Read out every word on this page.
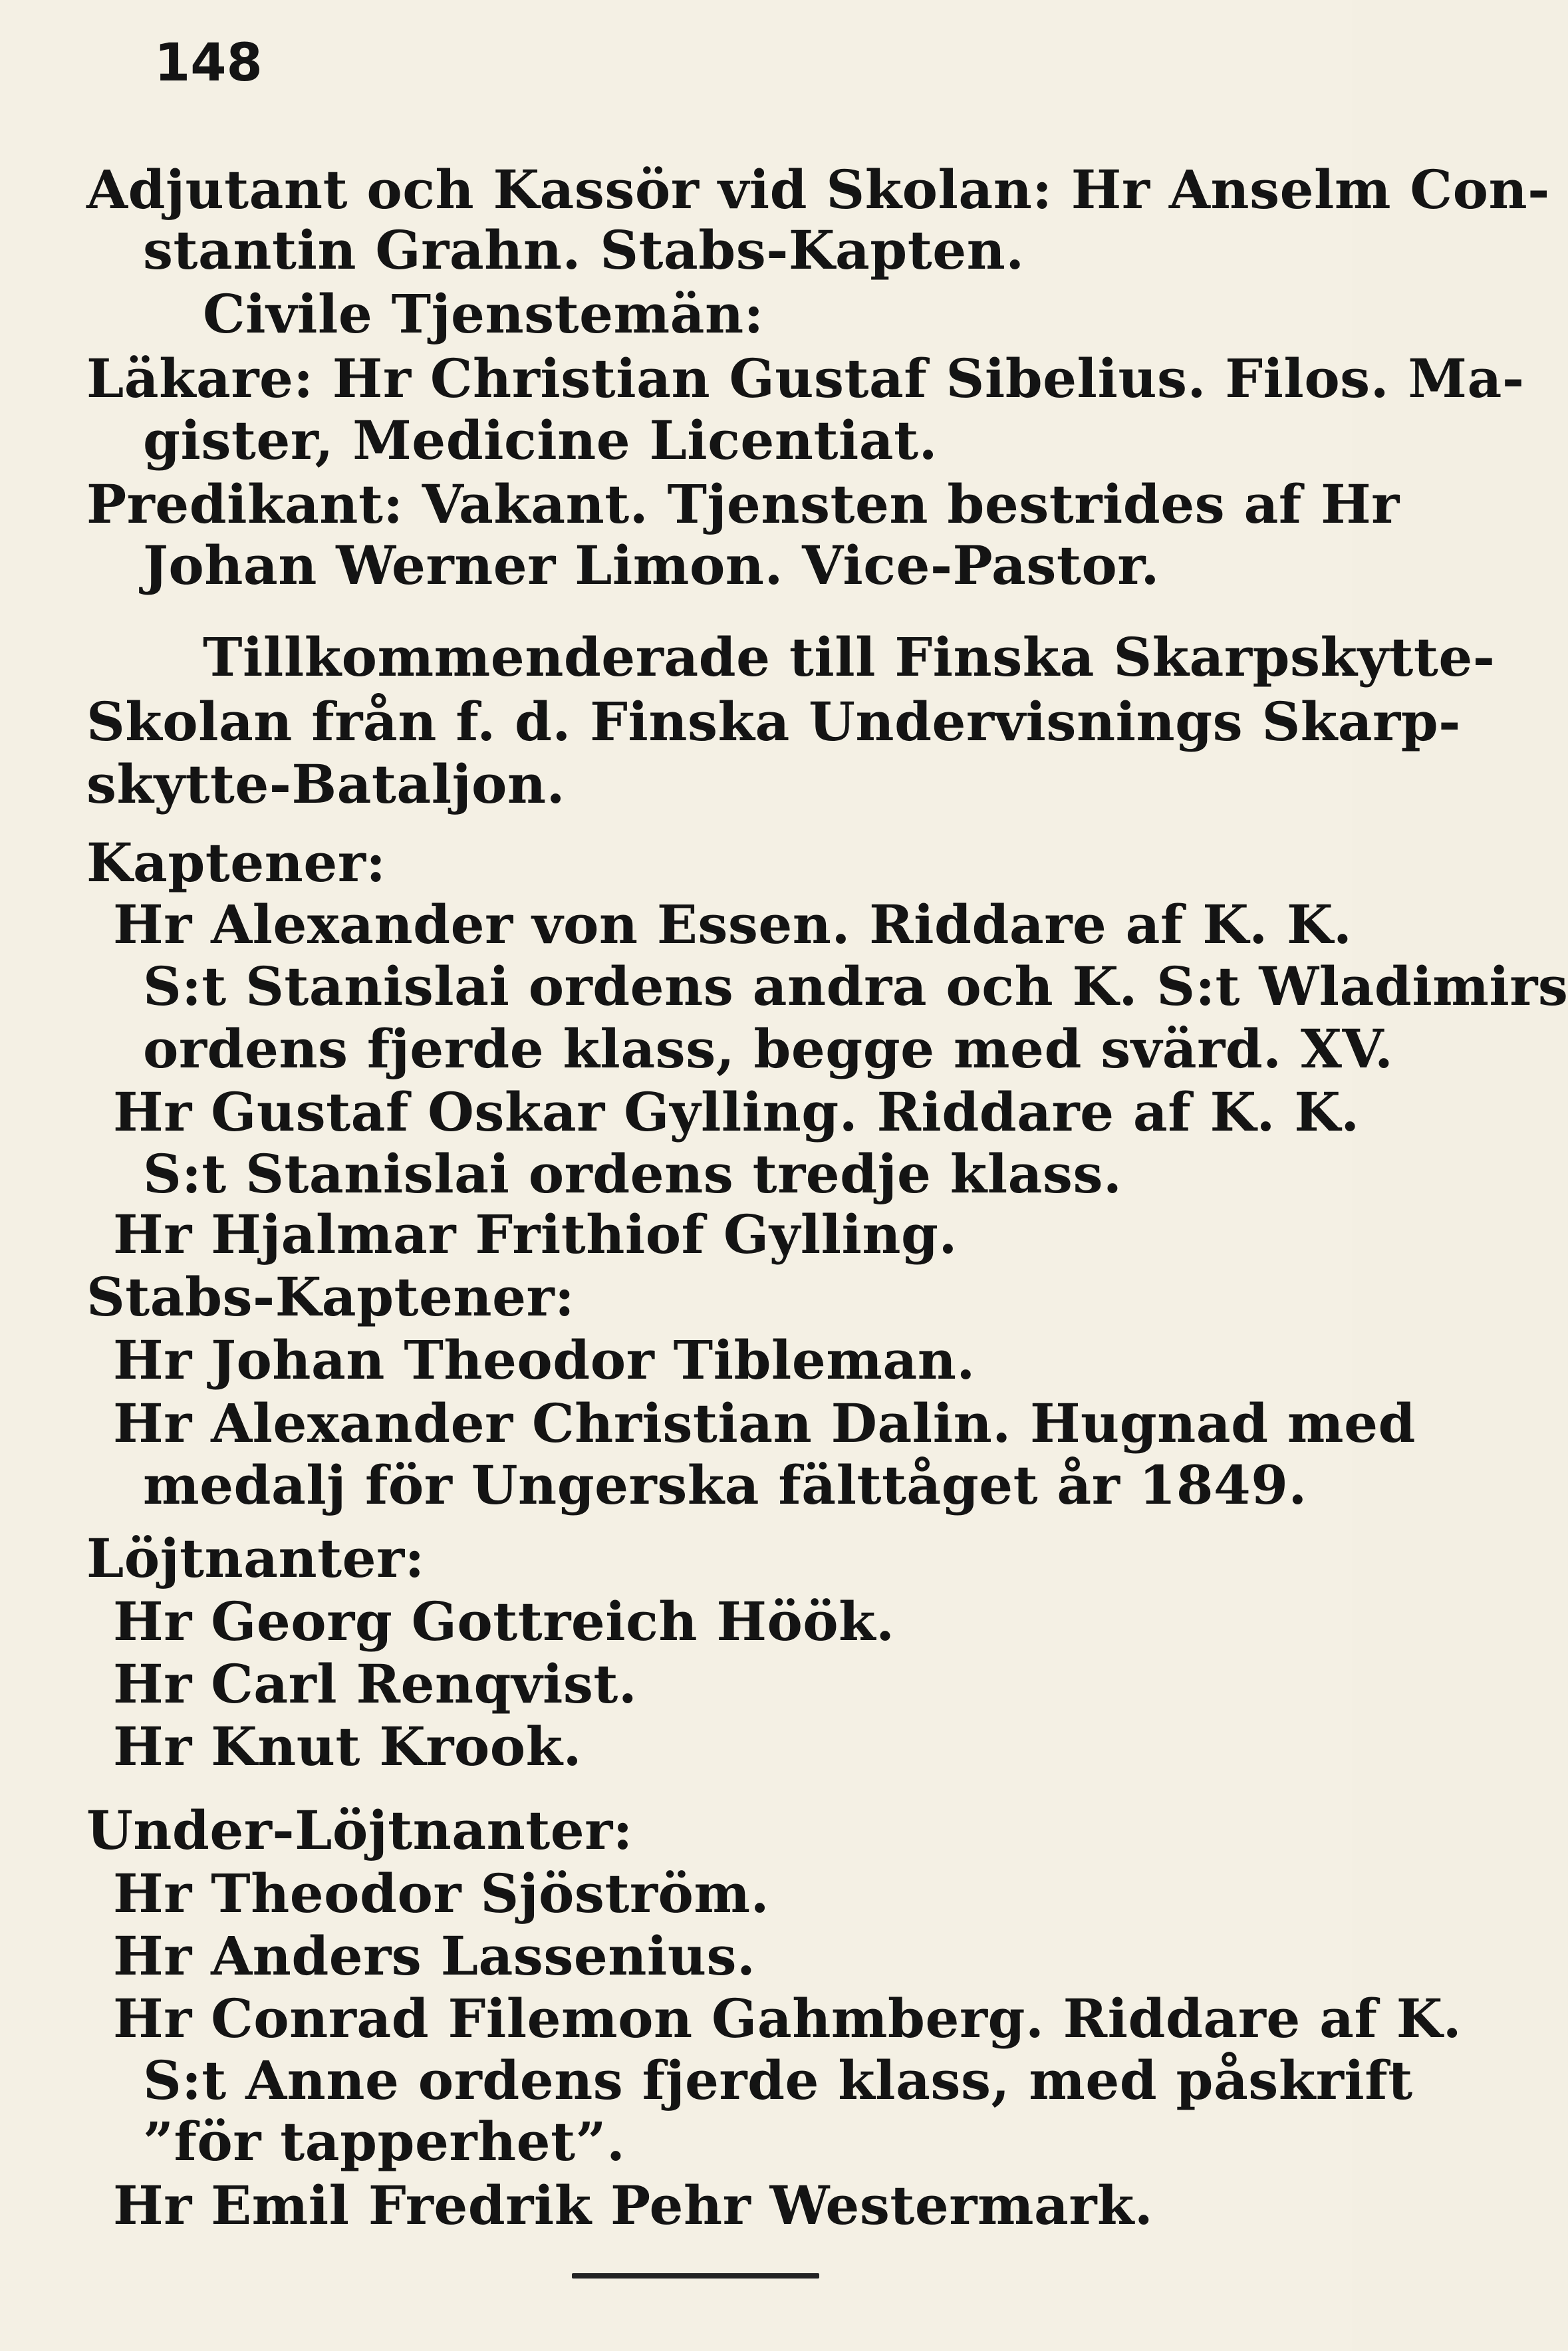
148
Adjutant och Kassör vid Skolan: Hr Anselm Con-
stantin Grahn. Stabs-Kapten.
Civile Tjenstemän:
Läkare: Hr Christian Gustaf Sibelius. Filos. Ma-
gister, Medicine Licentiat.
Predikant: Vakant. Tjensten bestrides af Hr
Johan Werner Limon. Vice-Pastor.
Tillkommenderade till Finska Skarpskytte-
Skolan från f. d. Finska Undervisnings Skarp-
skytte-Bataljon.
Kaptener:
Hr Alexander von Essen. Riddare af K. K.
S:t Stanislai ordens andra och K. S:t Wladimirs
ordens fjerde klass, begge med svärd. XV.
Hr Gustaf Oskar Gylling. Riddare af K. K.
S:t Stanislai ordens tredje klass.
Hr Hjalmar Frithiof Gylling.
Stabs-Kaptener:
Hr Johan Theodor Tibleman.
Hr Alexander Christian Dalin. Hugnad med
medalj för Ungerska fälttåget år 1849.
Löjtnanter:
Hr Georg Gottreich Höök.
Hr Carl Renqvist.
Hr Knut Krook.
Under-Löjtnanter:
Hr Theodor Sjöström.
Hr Anders Lassenius.
Hr Conrad Filemon Gahmberg. Riddare af K.
S:t Anne ordens fjerde klass, med påskrift
”för tapperhet”.
Hr Emil Fredrik Pehr Westermark.
